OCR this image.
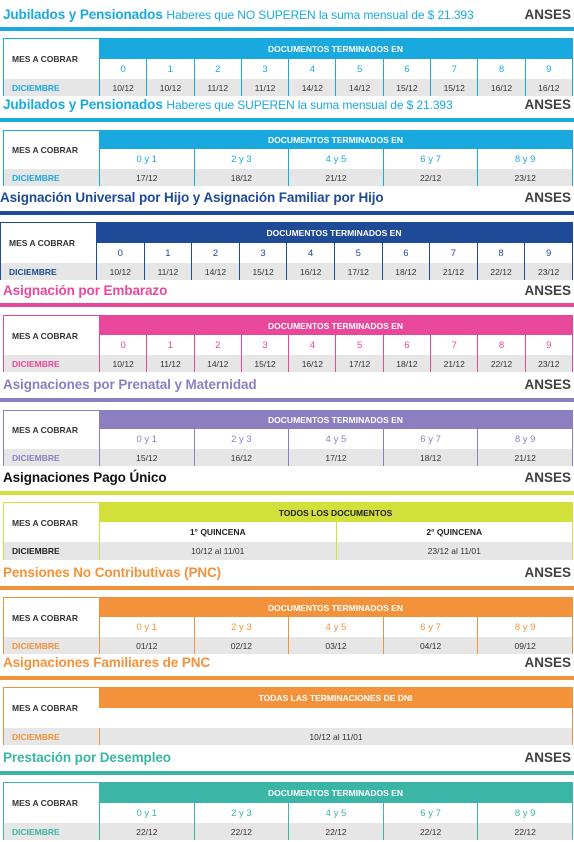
Jubilados y Pensionados Haberes que NO SUPEREN la suma mensual de $ 21.393	ANSES
MES A COBRAR
DICIEMBRE
DOCUMENTOS TERMINADOS EN
0	1	2	3	4	5	6	7	8	9
10/12	10/12	11/12	11/12	14/12	14/12	15/12	15/12	16/12	16/12
Jubilados y Pensionados Haberes que SUPEREN la suma mensual de $ 21.393	ANSES
MES A COBRAR
DICIEMBRE
DOCUMENTOS TERMINADOS EN
0 y 1	2 y 3	4 y 5	6 y 7	8 y 9
17/12	18/12	21/12	22/12	23/12
Asignación Universal por Hijo y Asignación Familiar por Hijo	ANSES
MES A COBRAR
DICIEMBRE
DOCUMENTOS TERMINADOS EN
0	1	2	3	4	5	6	7	8	9
10/12	11/12	14/12	15/12	16/12	17/12	18/12	21/12	22/12	23/12
Asignación por Embarazo	ANSES
MES A COBRAR
DICIEMBRE
DOCUMENTOS TERMINADOS EN
0	1	2	3	4	5	6	7	8	9
10/12	11/12	14/12	15/12	16/12	17/12	18/12	21/12	22/12	23/12
Asignaciones por Prenatal y Maternidad	ANSES
MES A COBRAR
DICIEMBRE
DOCUMENTOS TERMINADOS EN
0 y 1	2 y 3	4 y 5	6 y 7	8 y 9
15/12	16/12	17/12	18/12	21/12
Asignaciones Pago Único	ANSES
MES A COBRAR
DICIEMBRE
TODOS LOS DOCUMENTOS
1° QUINCENA	2° QUINCENA
10/12 al 11/01	23/12 al 11/01
Pensiones No Contributivas (PNC)	ANSES
MES A COBRAR
DICIEMBRE
DOCUMENTOS TERMINADOS EN
0 y 1	2 y 3	4 y 5	6 y 7	8 y 9
01/12	02/12	03/12	04/12	09/12
Asignaciones Familiares de PNC	ANSES
MES A COBRAR
DICIEMBRE
TODAS LAS TERMINACIONES DE DNI
10/12 al 11/01
Prestación por Desempleo	ANSES
MES A COBRAR
DICIEMBRE
DOCUMENTOS TERMINADOS EN
0 y 1	2 y 3	4 y 5	6 y 7	8 y 9
22/12	22/12	22/12	22/12	22/12
